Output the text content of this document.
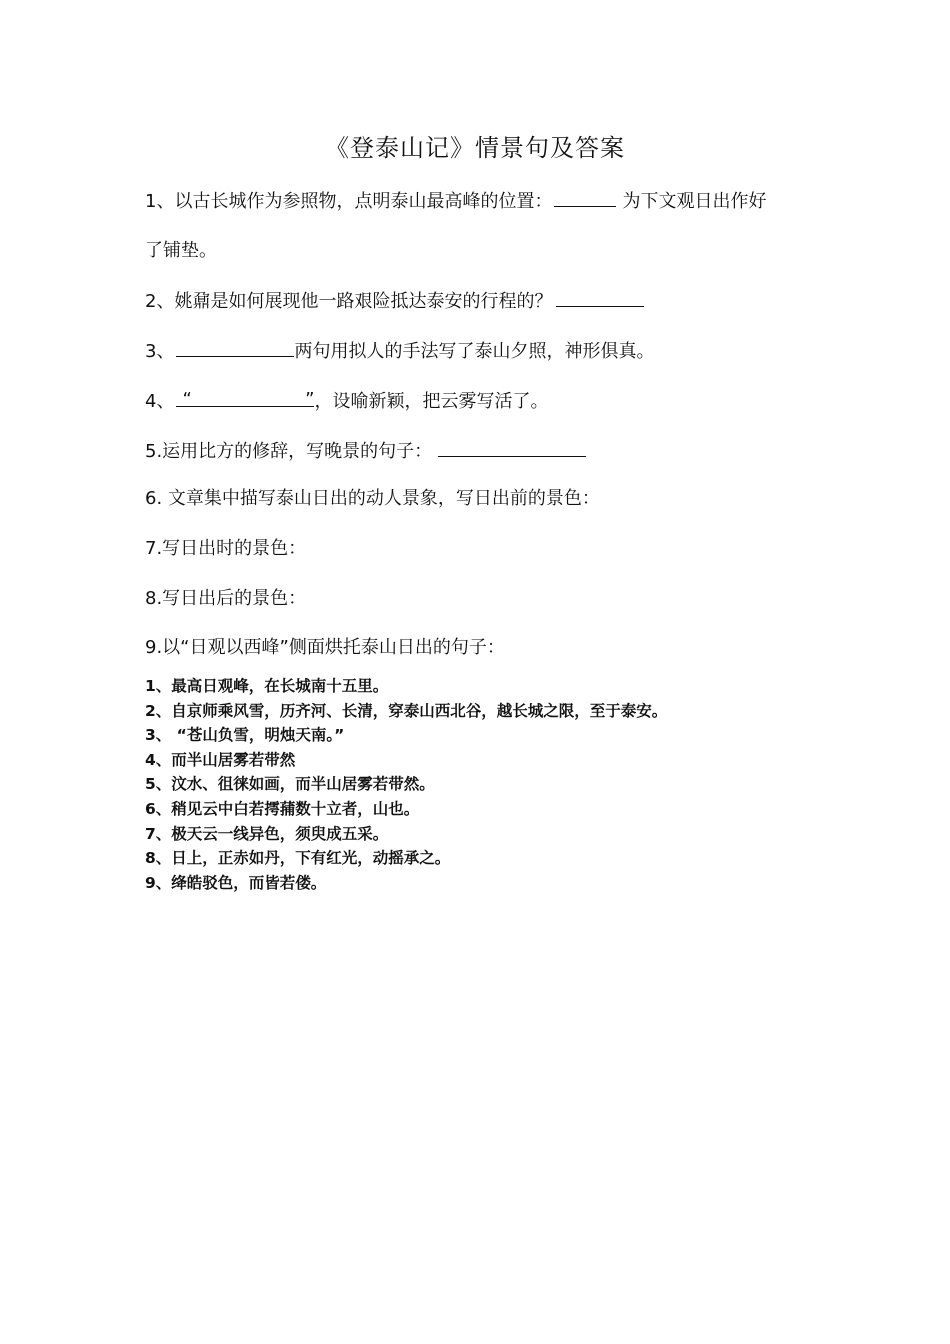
《登泰山记》情景句及答案
1、以古长城作为参照物，点明泰山最高峰的位置：	为下文观日出作好
了铺垫。
2、姚鼐是如何展现他一路艰险抵达泰安的行程的？
3、	两句用拟人的手法写了泰山夕照，神形俱真。
4、 “	” ，设喻新颖，把云雾写活了。
5.运用比方的修辞，写晚景的句子：
6. 文章集中描写泰山日出的动人景象，写日出前的景色：
7.写日出时的景色：
8.写日出后的景色：
9.以“日观以西峰”侧面烘托泰山日出的句子：
1、最高日观峰，在长城南十五里。
2、自京师乘风雪，历齐河、长清，穿泰山西北谷，越长城之限，至于泰安。
3、 “苍山负雪，明烛天南。”
4、而半山居雾若带然
5、汶水、徂徕如画，而半山居雾若带然。
6、稍见云中白若摴蒱数十立者，山也。
7、极天云一线异色，须臾成五采。
8、日上，正赤如丹，下有红光，动摇承之。
9、绛皓驳色，而皆若偻。
